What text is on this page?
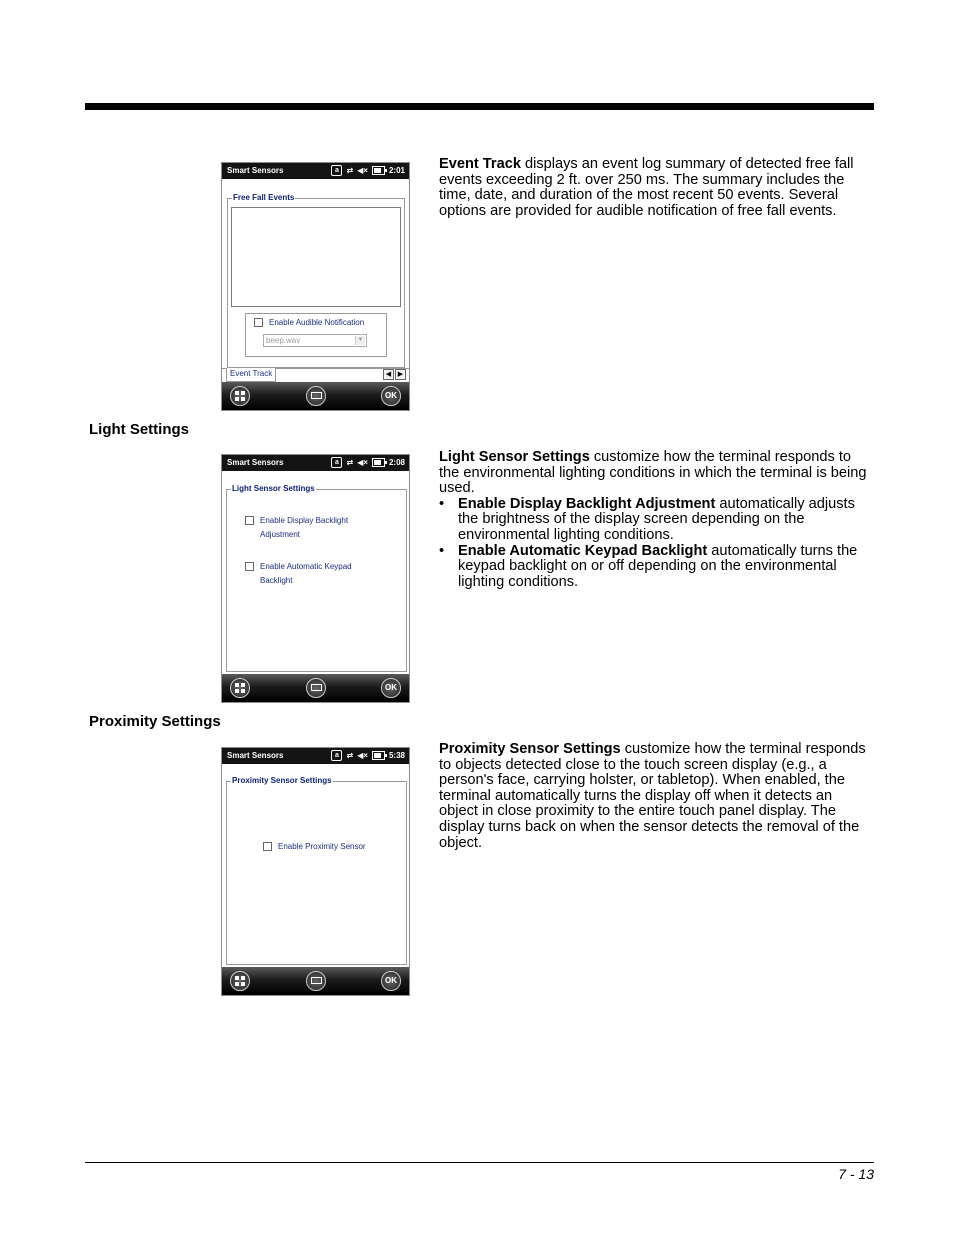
Smart Sensors	a ⇄ ◀×	2:01
Free Fall Events
Enable Audible Notification
beep.wav	▼
Event Track	◀ ▶
OK
Event Track displays an event log summary of detected free fall events exceeding 2 ft. over 250 ms. The summary includes the time, date, and duration of the most recent 50 events. Several options are provided for audible notification of free fall events.
Light Settings
Smart Sensors	a ⇄ ◀×	2:08
Light Sensor Settings
Enable Display Backlight
Adjustment
Enable Automatic Keypad
Backlight
OK
Light Sensor Settings customize how the terminal responds to the environmental lighting conditions in which the terminal is being used.
• Enable Display Backlight Adjustment automatically adjusts the brightness of the display screen depending on the environmental lighting conditions.
• Enable Automatic Keypad Backlight automatically turns the keypad backlight on or off depending on the environmental lighting conditions.
Proximity Settings
Smart Sensors	a ⇄ ◀×	5:38
Proximity Sensor Settings
Enable Proximity Sensor
OK
Proximity Sensor Settings customize how the terminal responds to objects detected close to the touch screen display (e.g., a person's face, carrying holster, or tabletop). When enabled, the terminal automatically turns the display off when it detects an object in close proximity to the entire touch panel display. The display turns back on when the sensor detects the removal of the object.
7 - 13
